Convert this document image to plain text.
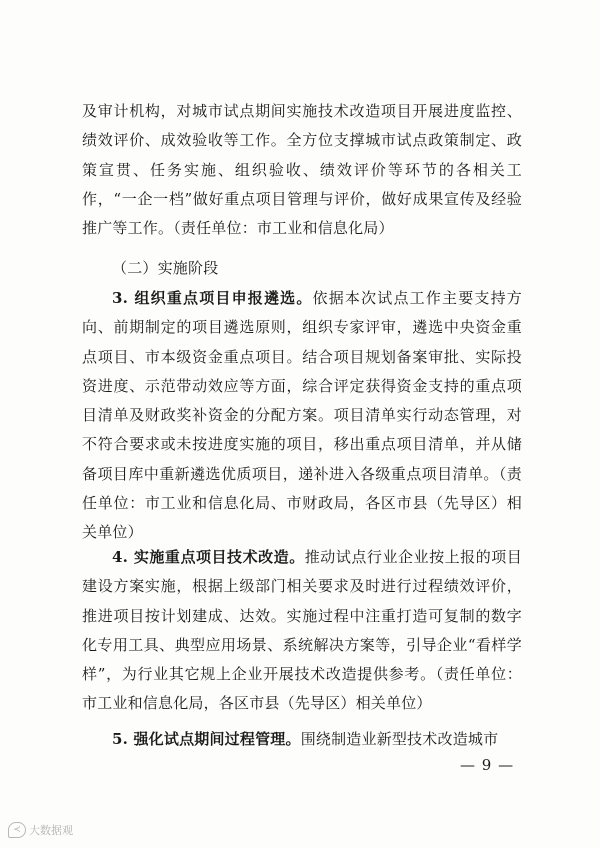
及审计机构，对城市试点期间实施技术改造项目开展进度监控、绩效评价、成效验收等工作。全方位支撑城市试点政策制定、政策宣贯、任务实施、组织验收、绩效评价等环节的各相关工作，“一企一档”做好重点项目管理与评价，做好成果宣传及经验推广等工作。（责任单位：市工业和信息化局）

（二）实施阶段

3. 组织重点项目申报遴选。依据本次试点工作主要支持方向、前期制定的项目遴选原则，组织专家评审，遴选中央资金重点项目、市本级资金重点项目。结合项目规划备案审批、实际投资进度、示范带动效应等方面，综合评定获得资金支持的重点项目清单及财政奖补资金的分配方案。项目清单实行动态管理，对不符合要求或未按进度实施的项目，移出重点项目清单，并从储备项目库中重新遴选优质项目，递补进入各级重点项目清单。（责任单位：市工业和信息化局、市财政局，各区市县（先导区）相关单位）

4. 实施重点项目技术改造。推动试点行业企业按上报的项目建设方案实施，根据上级部门相关要求及时进行过程绩效评价，推进项目按计划建成、达效。实施过程中注重打造可复制的数字化专用工具、典型应用场景、系统解决方案等，引导企业“看样学样”，为行业其它规上企业开展技术改造提供参考。（责任单位：市工业和信息化局，各区市县（先导区）相关单位）

5. 强化试点期间过程管理。围绕制造业新型技术改造城市

— 9 —
≺ 大数据观
